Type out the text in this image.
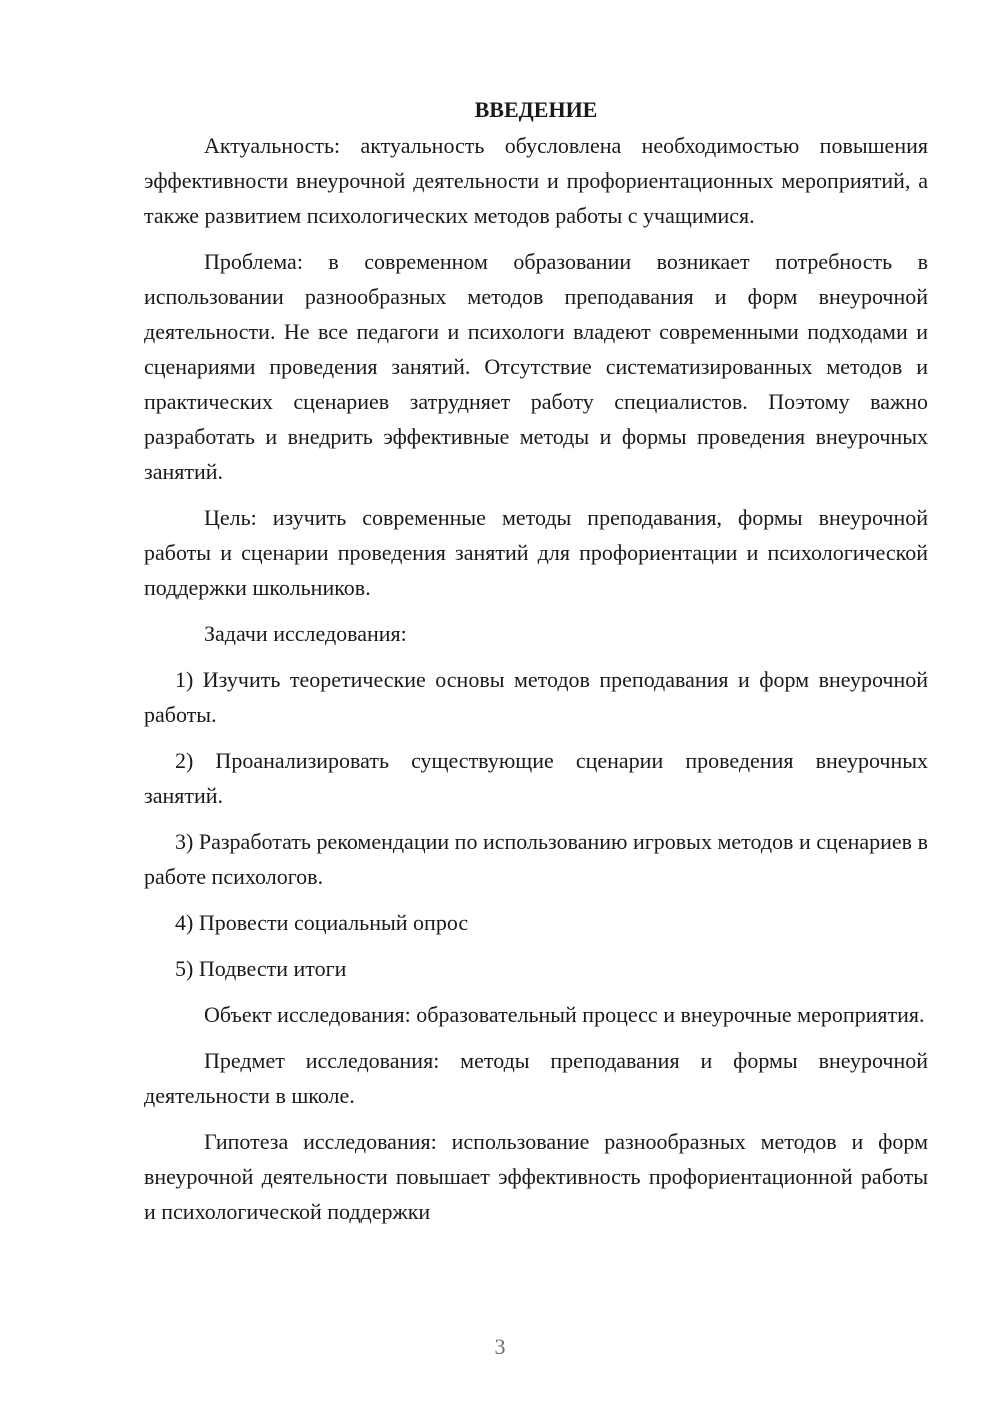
ВВЕДЕНИЕ

Актуальность: актуальность обусловлена необходимостью повышения эффективности внеурочной деятельности и профориентационных мероприятий, а также развитием психологических методов работы с учащимися.

Проблема: в современном образовании возникает потребность в использовании разнообразных методов преподавания и форм внеурочной деятельности. Не все педагоги и психологи владеют современными подходами и сценариями проведения занятий. Отсутствие систематизированных методов и практических сценариев затрудняет работу специалистов. Поэтому важно разработать и внедрить эффективные методы и формы проведения внеурочных занятий.

Цель: изучить современные методы преподавания, формы внеурочной работы и сценарии проведения занятий для профориентации и психологической поддержки школьников.

Задачи исследования:

1) Изучить теоретические основы методов преподавания и форм внеурочной работы.

2) Проанализировать существующие сценарии проведения внеурочных занятий.

3) Разработать рекомендации по использованию игровых методов и сценариев в работе психологов.

4) Провести социальный опрос

5) Подвести итоги

Объект исследования: образовательный процесс и внеурочные мероприятия.

Предмет исследования: методы преподавания и формы внеурочной деятельности в школе.

Гипотеза исследования: использование разнообразных методов и форм внеурочной деятельности повышает эффективность профориентационной работы и психологической поддержки

3
